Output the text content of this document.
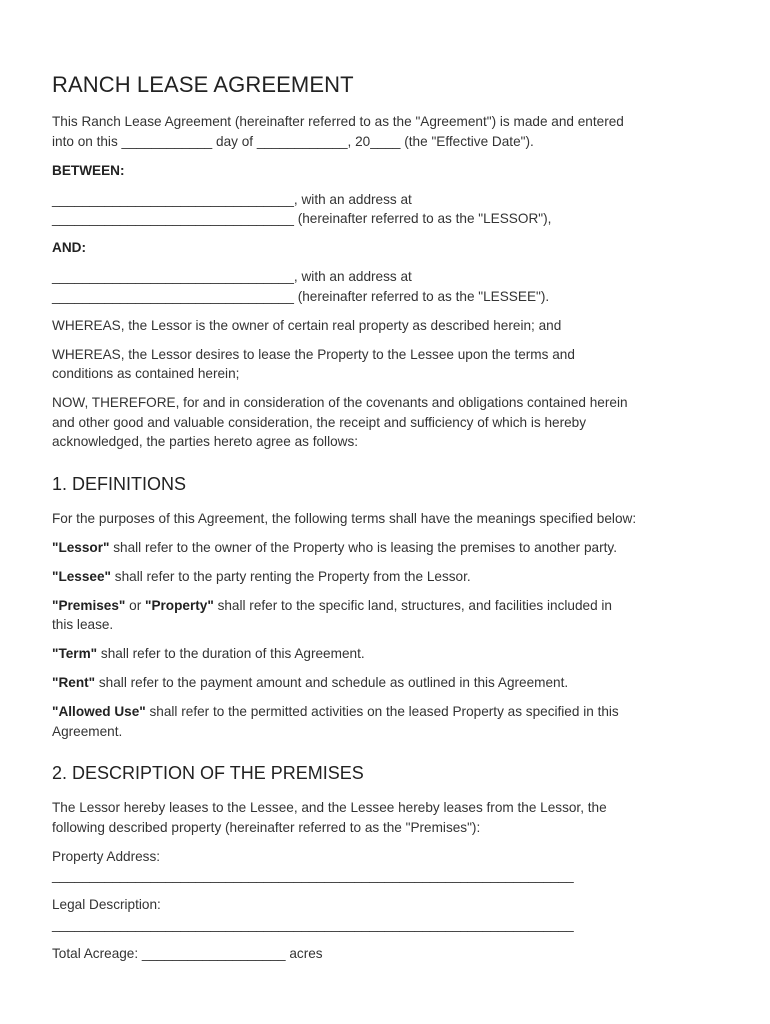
RANCH LEASE AGREEMENT

This Ranch Lease Agreement (hereinafter referred to as the "Agreement") is made and entered
into on this ____________ day of ____________, 20____ (the "Effective Date").

BETWEEN:

________________________________, with an address at
________________________________ (hereinafter referred to as the "LESSOR"),

AND:

________________________________, with an address at
________________________________ (hereinafter referred to as the "LESSEE").

WHEREAS, the Lessor is the owner of certain real property as described herein; and

WHEREAS, the Lessor desires to lease the Property to the Lessee upon the terms and
conditions as contained herein;

NOW, THEREFORE, for and in consideration of the covenants and obligations contained herein
and other good and valuable consideration, the receipt and sufficiency of which is hereby
acknowledged, the parties hereto agree as follows:

1. DEFINITIONS

For the purposes of this Agreement, the following terms shall have the meanings specified below:

"Lessor" shall refer to the owner of the Property who is leasing the premises to another party.

"Lessee" shall refer to the party renting the Property from the Lessor.

"Premises" or "Property" shall refer to the specific land, structures, and facilities included in
this lease.

"Term" shall refer to the duration of this Agreement.

"Rent" shall refer to the payment amount and schedule as outlined in this Agreement.

"Allowed Use" shall refer to the permitted activities on the leased Property as specified in this
Agreement.

2. DESCRIPTION OF THE PREMISES

The Lessor hereby leases to the Lessee, and the Lessee hereby leases from the Lessor, the
following described property (hereinafter referred to as the "Premises"):

Property Address:
_____________________________________________________________________

Legal Description:
_____________________________________________________________________

Total Acreage: ___________________ acres
